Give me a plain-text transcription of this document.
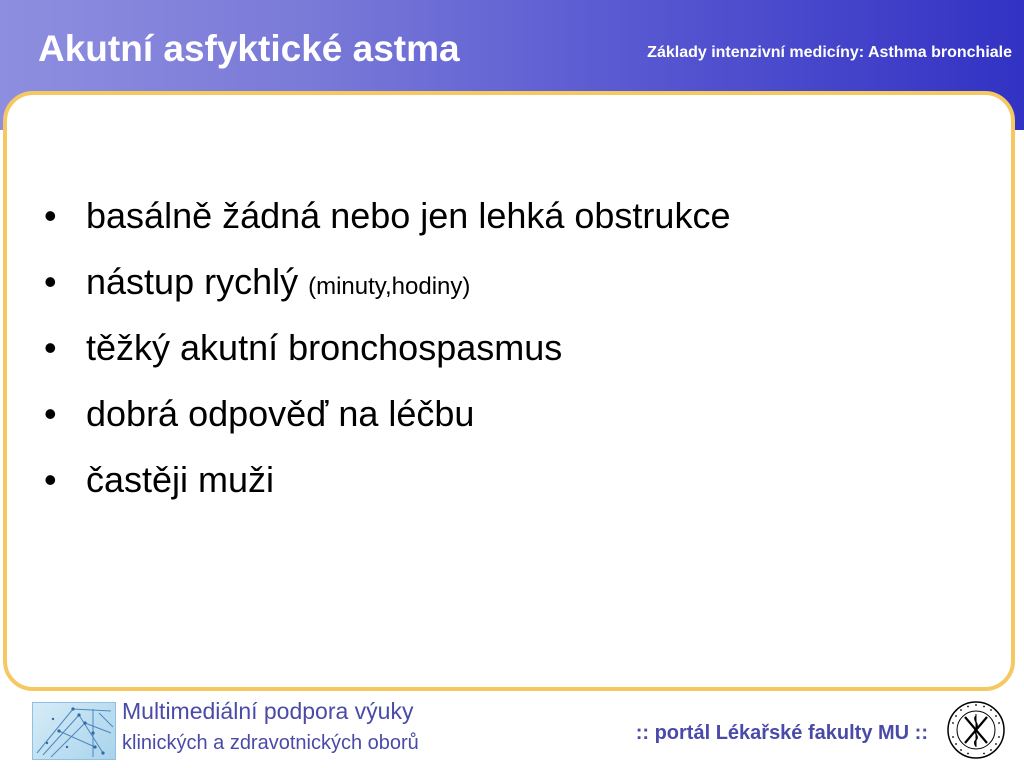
Akutní asfyktické astma	Základy intenzivní medicíny: Asthma bronchiale
• basálně žádná nebo jen lehká obstrukce
• nástup rychlý (minuty,hodiny)
• těžký akutní bronchospasmus
• dobrá odpověď na léčbu
• častěji muži
Multimediální podpora výuky
klinických a zdravotnických oborů	:: portál Lékařské fakulty MU ::
